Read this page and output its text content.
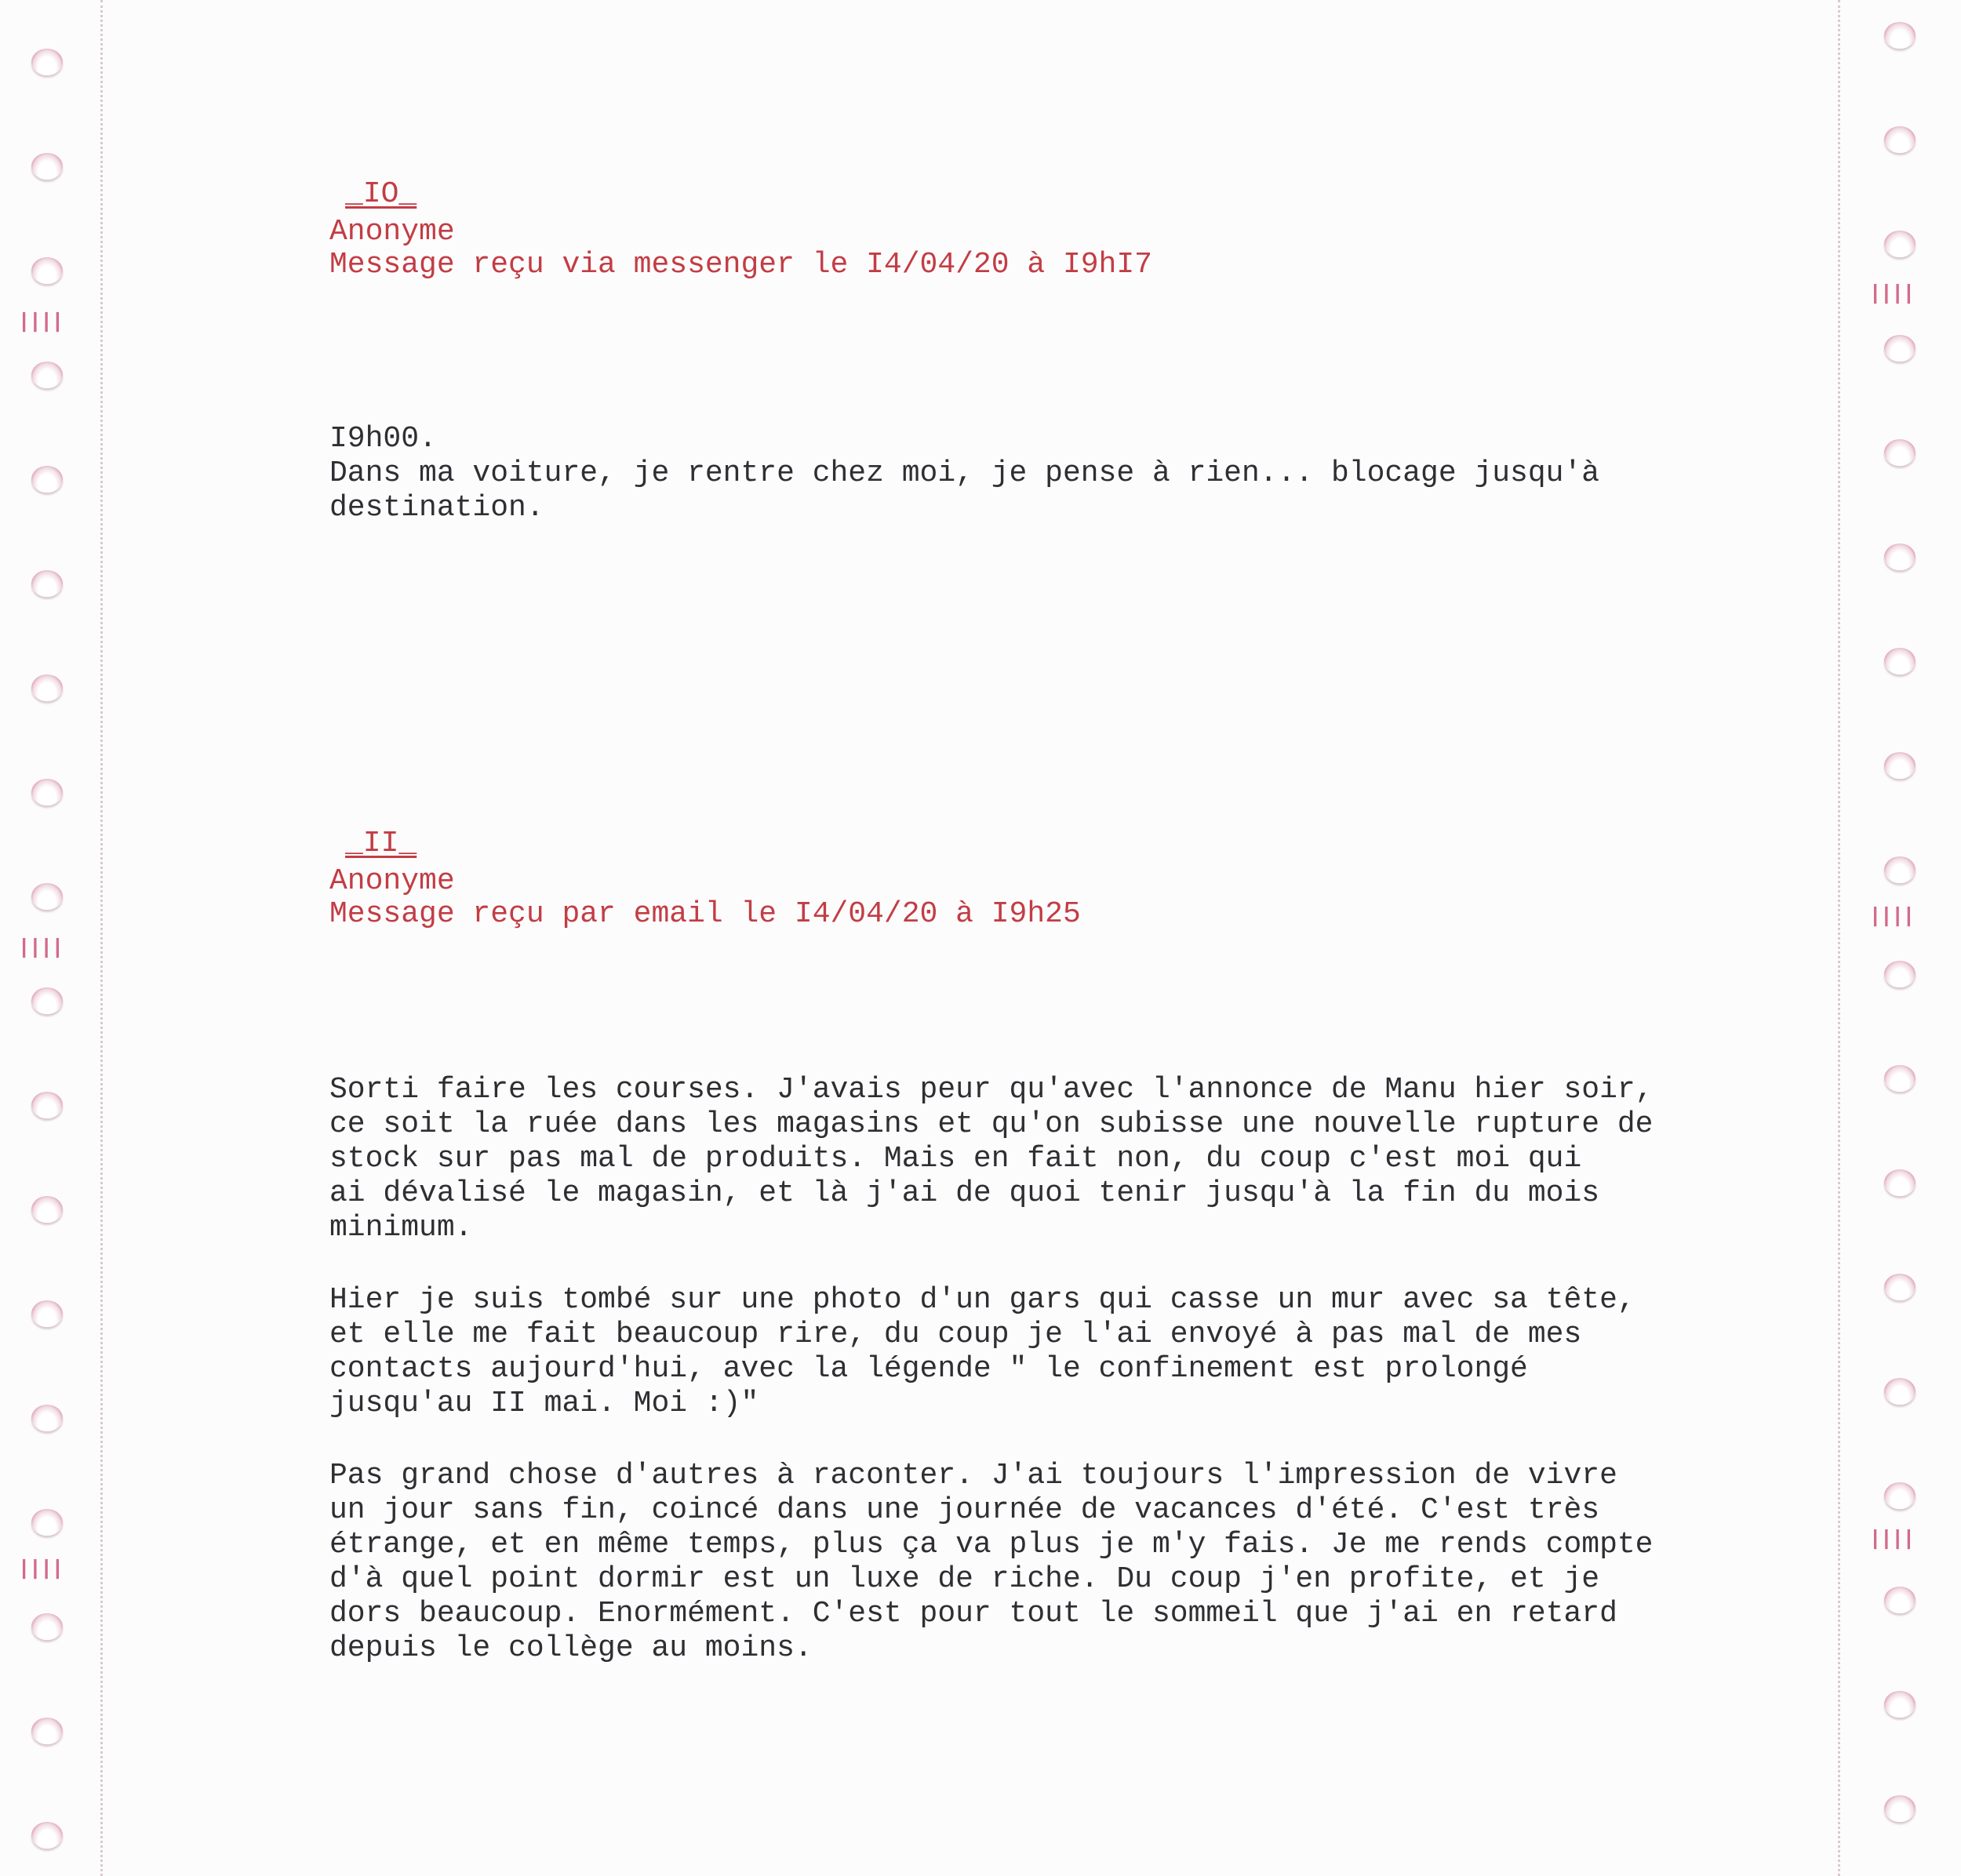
❙❙❙❙
❙❙❙❙
❙❙❙❙
❙❙❙❙
❙❙❙❙
❙❙❙❙
_IO_
Anonyme
Message reçu via messenger le I4/04/20 à I9hI7
I9h00.
Dans ma voiture, je rentre chez moi, je pense à rien... blocage jusqu'à
destination.
_II_
Anonyme
Message reçu par email le I4/04/20 à I9h25
Sorti faire les courses. J'avais peur qu'avec l'annonce de Manu hier soir,
ce soit la ruée dans les magasins et qu'on subisse une nouvelle rupture de
stock sur pas mal de produits. Mais en fait non, du coup c'est moi qui
ai dévalisé le magasin, et là j'ai de quoi tenir jusqu'à la fin du mois
minimum.
Hier je suis tombé sur une photo d'un gars qui casse un mur avec sa tête,
et elle me fait beaucoup rire, du coup je l'ai envoyé à pas mal de mes
contacts aujourd'hui, avec la légende " le confinement est prolongé
jusqu'au II mai. Moi :)"
Pas grand chose d'autres à raconter. J'ai toujours l'impression de vivre
un jour sans fin, coincé dans une journée de vacances d'été. C'est très
étrange, et en même temps, plus ça va plus je m'y fais. Je me rends compte
d'à quel point dormir est un luxe de riche. Du coup j'en profite, et je
dors beaucoup. Enormément. C'est pour tout le sommeil que j'ai en retard
depuis le collège au moins.
